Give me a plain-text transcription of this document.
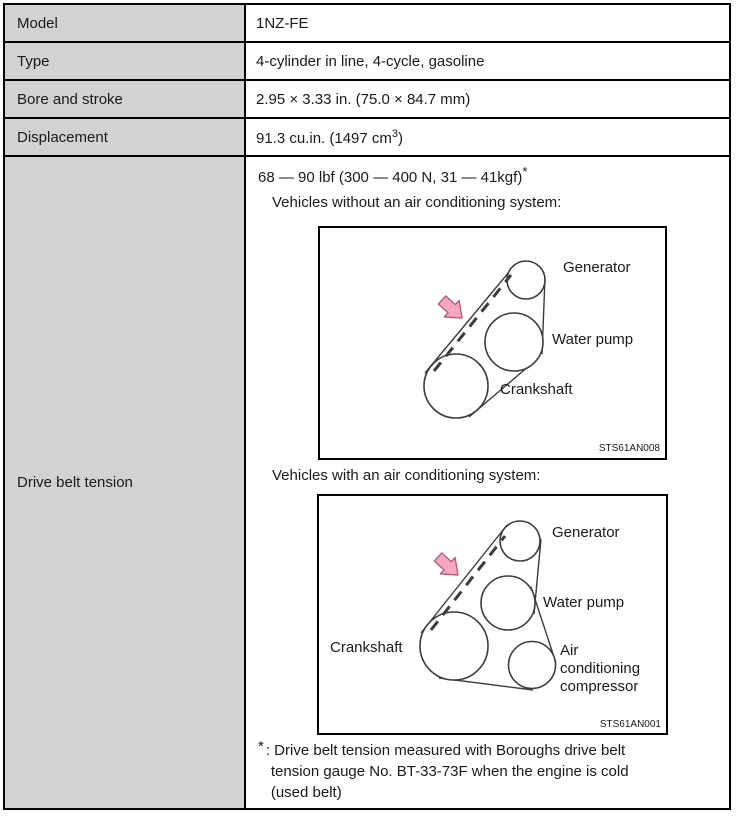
Model	1NZ-FE
Type	4-cylinder in line, 4-cycle, gasoline
Bore and stroke	2.95 × 3.33 in. (75.0 × 84.7 mm)
Displacement	91.3 cu.in. (1497 $cm^3$)
Drive belt tension
68 — 90 lbf (300 — 400 N, 31 — 41kgf)*
Vehicles without an air conditioning system:
Generator
Water pump
Crankshaft
STS61AN008
Vehicles with an air conditioning system:
Generator
Water pump
Crankshaft	Air
conditioning
compressor
STS61AN001
* : Drive belt tension measured with Boroughs drive belt
tension gauge No. BT-33-73F when the engine is cold
(used belt)
